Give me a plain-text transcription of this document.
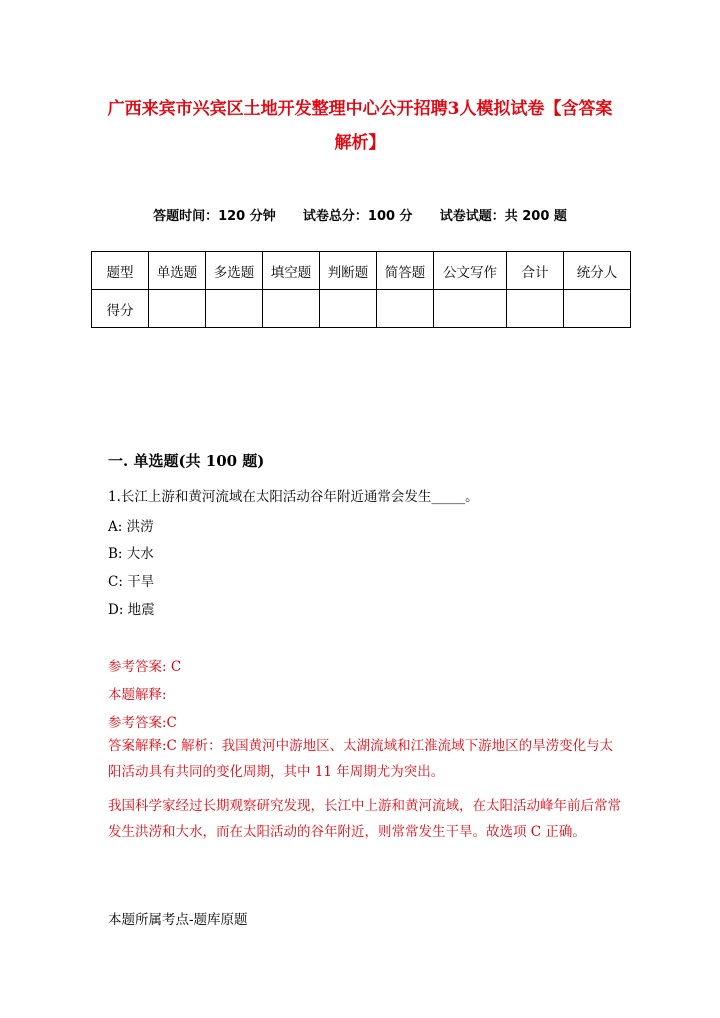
广西来宾市兴宾区土地开发整理中心公开招聘3人模拟试卷【含答案解析】
答题时间：120 分钟      试卷总分：100 分      试卷试题：共 200 题
题型	单选题	多选题	填空题	判断题	简答题	公文写作	合计	统分人
得分								
一. 单选题(共 100 题)
1.长江上游和黄河流域在太阳活动谷年附近通常会发生_____。
A: 洪涝
B: 大水
C: 干旱
D: 地震
参考答案: C
本题解释:
参考答案:C
答案解释:C 解析：我国黄河中游地区、太湖流域和江淮流域下游地区的旱涝变化与太阳活动具有共同的变化周期，其中 11 年周期尤为突出。
我国科学家经过长期观察研究发现，长江中上游和黄河流域，在太阳活动峰年前后常常发生洪涝和大水，而在太阳活动的谷年附近，则常常发生干旱。故选项 C 正确。
本题所属考点-题库原题
